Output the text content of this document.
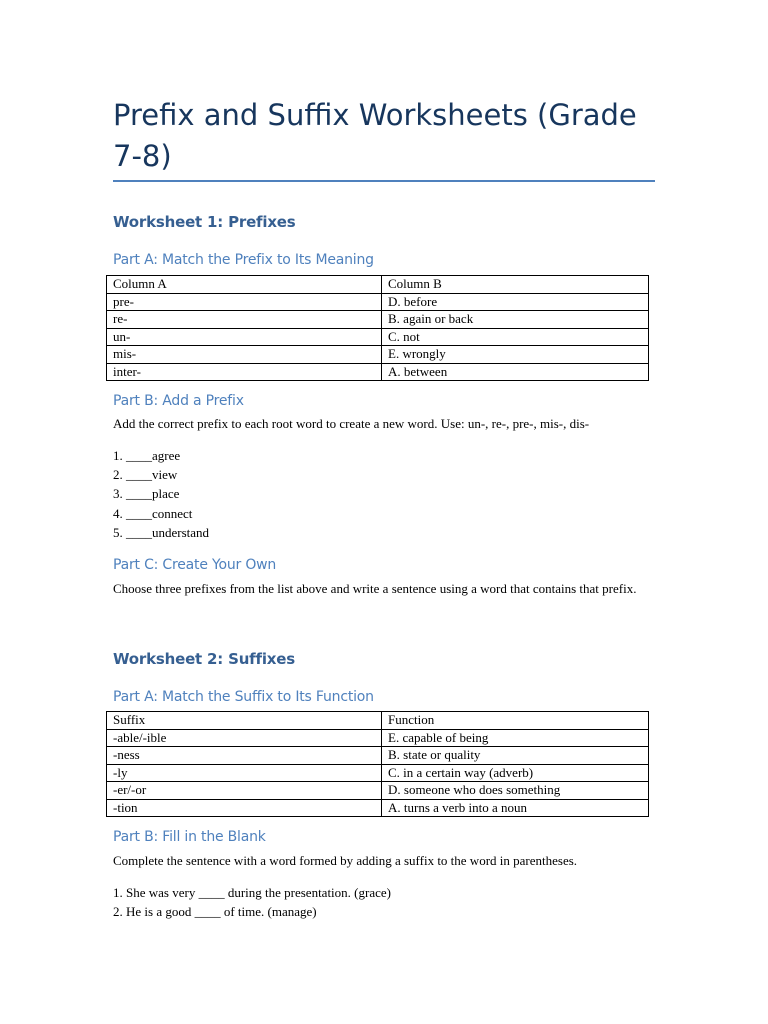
Prefix and Suffix Worksheets (Grade 7-8)
Worksheet 1: Prefixes
Part A: Match the Prefix to Its Meaning
Column A	Column B
pre-	D. before
re-	B. again or back
un-	C. not
mis-	E. wrongly
inter-	A. between
Part B: Add a Prefix

Add the correct prefix to each root word to create a new word. Use: un-, re-, pre-, mis-, dis-

1. ____agree
2. ____view
3. ____place
4. ____connect
5. ____understand
Part C: Create Your Own

Choose three prefixes from the list above and write a sentence using a word that contains that prefix.

Worksheet 2: Suffixes
Part A: Match the Suffix to Its Function
Suffix	Function
-able/-ible	E. capable of being
-ness	B. state or quality
-ly	C. in a certain way (adverb)
-er/-or	D. someone who does something
-tion	A. turns a verb into a noun
Part B: Fill in the Blank

Complete the sentence with a word formed by adding a suffix to the word in parentheses.

1. She was very ____ during the presentation. (grace)
2. He is a good ____ of time. (manage)
